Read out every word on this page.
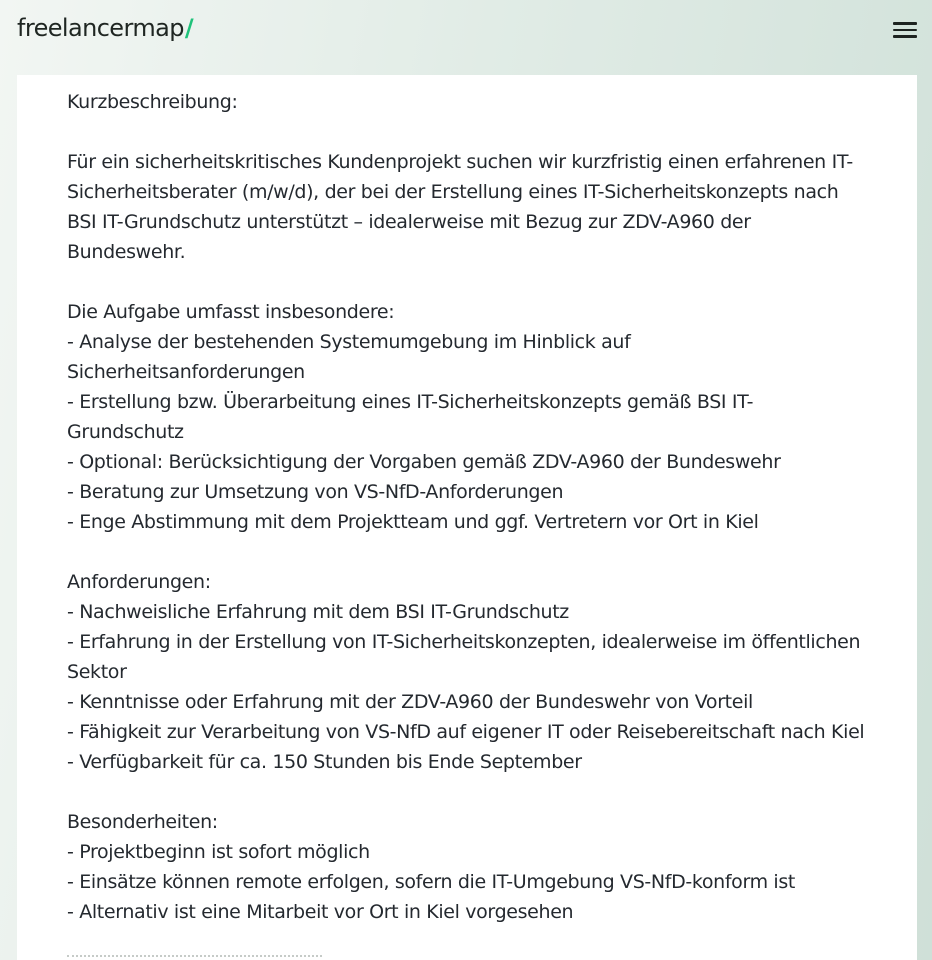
freelancermap/

Kurzbeschreibung:

Für ein sicherheitskritisches Kundenprojekt suchen wir kurzfristig einen erfahrenen IT-

Sicherheitsberater (m/w/d), der bei der Erstellung eines IT-Sicherheitskonzepts nach

BSI IT-Grundschutz unterstützt – idealerweise mit Bezug zur ZDV-A960 der

Bundeswehr.

Die Aufgabe umfasst insbesondere:

- Analyse der bestehenden Systemumgebung im Hinblick auf

Sicherheitsanforderungen

- Erstellung bzw. Überarbeitung eines IT-Sicherheitskonzepts gemäß BSI IT-

Grundschutz

- Optional: Berücksichtigung der Vorgaben gemäß ZDV-A960 der Bundeswehr

- Beratung zur Umsetzung von VS-NfD-Anforderungen

- Enge Abstimmung mit dem Projektteam und ggf. Vertretern vor Ort in Kiel

Anforderungen:

- Nachweisliche Erfahrung mit dem BSI IT-Grundschutz

- Erfahrung in der Erstellung von IT-Sicherheitskonzepten, idealerweise im öffentlichen

Sektor

- Kenntnisse oder Erfahrung mit der ZDV-A960 der Bundeswehr von Vorteil

- Fähigkeit zur Verarbeitung von VS-NfD auf eigener IT oder Reisebereitschaft nach Kiel

- Verfügbarkeit für ca. 150 Stunden bis Ende September

Besonderheiten:

- Projektbeginn ist sofort möglich

- Einsätze können remote erfolgen, sofern die IT-Umgebung VS-NfD-konform ist

- Alternativ ist eine Mitarbeit vor Ort in Kiel vorgesehen
